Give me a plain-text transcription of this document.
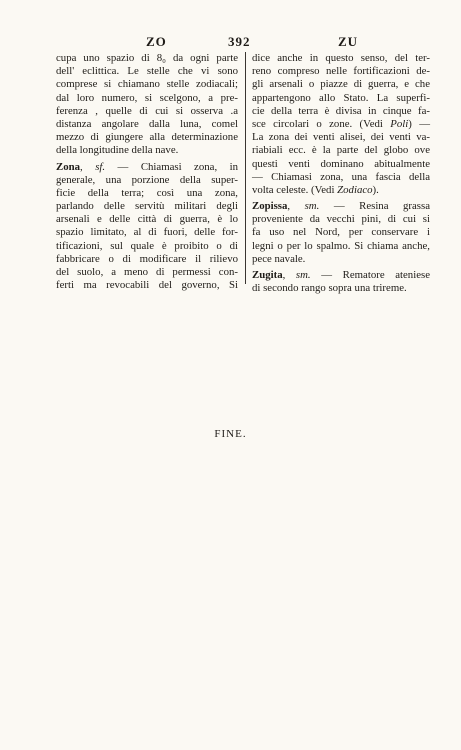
ZO	392	ZU
cupa uno spazio di 8₀ da ogni parte
dell' eclittica. Le stelle che vi sono
comprese si chiamano stelle zodiacali;
dal loro numero, si scelgono, a pre-
ferenza , quelle di cui si osserva .a
distanza angolare dalla luna, comel
mezzo di giungere alla determinazione
della longitudine della nave.
Zona, sf. — Chiamasi zona, in
generale, una porzione della super-
ficie della terra; così una zona,
parlando delle servitù militari degli
arsenali e delle città di guerra, è lo
spazio limitato, al di fuori, delle for-
tificazioni, sul quale è proibito o di
fabbricare o di modificare il rilievo
del suolo, a meno di permessi con-
ferti ma revocabili del governo, Si
dice anche in questo senso, del ter-
reno compreso nelle fortificazioni de-
gli arsenali o piazze di guerra, e che
appartengono allo Stato. La superfi-
cie della terra è divisa in cinque fa-
sce circolari o zone. (Vedi Poli) —
La zona dei venti alisei, dei venti va-
riabiali ecc. è la parte del globo ove
questi venti dominano abitualmente
— Chiamasi zona, una fascia della
volta celeste. (Vedi Zodiaco).
Zopissa, sm. — Resina grassa
proveniente da vecchi pini, di cui si
fa uso nel Nord, per conservare i
legni o per lo spalmo. Si chiama anche,
pece navale.
Zugita, sm. — Rematore ateniese
di secondo rango sopra una trireme.
FINE.
